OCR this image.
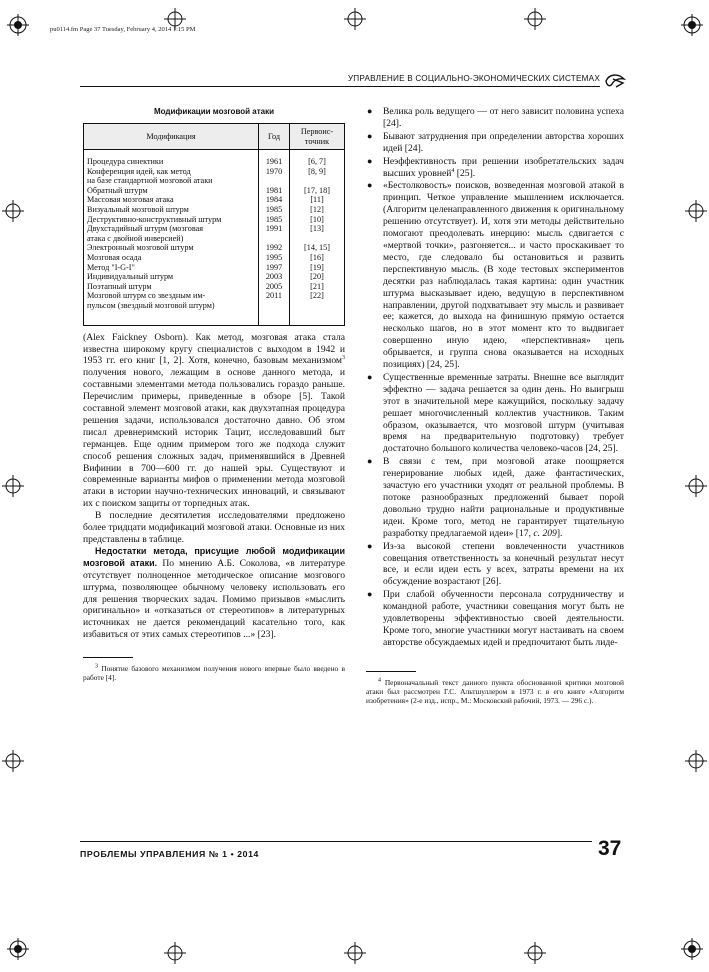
pu0114.fm Page 37 Tuesday, February 4, 2014 1:15 PM
УПРАВЛЕНИЕ В СОЦИАЛЬНО-ЭКОНОМИЧЕСКИХ СИСТЕМАХ
Модификации мозговой атаки
Модификация	Год	Первоис-
точник
Процедура синектики	1961	[6, 7]
Конференция идей, как метод
на базе стандартной мозговой атаки	1970	[8, 9]
Обратный штурм	1981	[17, 18]
Массовая мозговая атака	1984	[11]
Визуальный мозговой штурм	1985	[12]
Деструктивно-конструктивный штурм	1985	[10]
Двухстадийный штурм (мозговая
атака с двойной инверсией)	1991	[13]
Электронный мозговой штурм	1992	[14, 15]
Мозговая осада	1995	[16]
Метод "I-G-I"	1997	[19]
Индивидуальный штурм	2003	[20]
Поэтапный штурм	2005	[21]
Мозговой штурм со звездным им-
пульсом (звездный мозговой штурм)	2011	[22]

(Alex Faickney Osborn). Как метод, мозговая атака стала известна широкому кругу специалистов с выходом в 1942 и 1953 гг. его книг [1, 2]. Хотя, конечно, базовым механизмом$^3$ получения нового, лежащим в основе данного метода, и составными элементами метода пользовались гораздо раньше. Перечислим примеры, приведенные в обзоре [5]. Такой составной элемент мозговой атаки, как двухэтапная процедура решения задачи, использовался достаточно давно. Об этом писал древнеримский историк Тацит, исследовавший быт германцев. Еще одним примером того же подхода служит способ решения сложных задач, применявшийся в Древней Вифинии в 700—600 гг. до нашей эры. Существуют и современные варианты мифов о применении метода мозговой атаки в истории научно-технических инноваций, и связывают их с поиском защиты от торпедных атак.

В последние десятилетия исследователями предложено более тридцати модификаций мозговой атаки. Основные из них представлены в таблице.

Недостатки метода, присущие любой модификации мозговой атаки. По мнению А.Б. Соколова, «в литературе отсутствует полноценное методическое описание мозгового штурма, позволяющее обычному человеку использовать его для решения творческих задач. Помимо призывов «мыслить оригинально» и «отказаться от стереотипов» в литературных источниках не дается рекомендаций касательно того, как избавиться от этих самых стереотипов ...» [23].

$^3$ Понятие базового механизмом получения нового впервые было введено в работе [4].

● Велика роль ведущего — от него зависит половина успеха [24].
● Бывают затруднения при определении авторства хороших идей [24].
● Неэффективность при решении изобретательских задач высших уровней$^4$ [25].
● «Бестолковость» поисков, возведенная мозговой атакой в принцип. Четкое управление мышлением исключается. (Алгоритм целенаправленного движения к оригинальному решению отсутствует). И, хотя эти методы действительно помогают преодолевать инерцию: мысль сдвигается с «мертвой точки», разгоняется... и часто проскакивает то место, где следовало бы остановиться и развить перспективную мысль. (В ходе тестовых экспериментов десятки раз наблюдалась такая картина: один участник штурма высказывает идею, ведущую в перспективном направлении, другой подхватывает эту мысль и развивает ее; кажется, до выхода на финишную прямую остается несколько шагов, но в этот момент кто то выдвигает совершенно иную идею, «перспективная» цепь обрывается, и группа снова оказывается на исходных позициях) [24, 25].
● Существенные временные затраты. Внешне все выглядит эффектно — задача решается за один день. Но выигрыш этот в значительной мере кажущийся, поскольку задачу решает многочисленный коллектив участников. Таким образом, оказывается, что мозговой штурм (учитывая время на предварительную подготовку) требует достаточно большого количества человеко-часов [24, 25].
● В связи с тем, при мозговой атаке поощряется генерирование любых идей, даже фантастических, зачастую его участники уходят от реальной проблемы. В потоке разнообразных предложений бывает порой довольно трудно найти рациональные и продуктивные идеи. Кроме того, метод не гарантирует тщательную разработку предлагаемой идеи» [17, с. 209].
● Из-за высокой степени вовлеченности участников совещания ответственность за конечный результат несут все, и если идеи есть у всех, затраты времени на их обсуждение возрастают [26].
● При слабой обученности персонала сотрудничеству и командной работе, участники совещания могут быть не удовлетворены эффективностью своей деятельности. Кроме того, многие участники могут настаивать на своем авторстве обсуждаемых идей и предпочитают быть лиде-

$^4$ Первоначальный текст данного пункта обоснованной критики мозговой атаки был рассмотрен Г.С. Альтшуллером в 1973 г. в его книге «Алгоритм изобретения» (2-е изд., испр., М.: Московский рабочий, 1973. — 296 с.).

ПРОБЛЕМЫ УПРАВЛЕНИЯ № 1 • 2014	37
